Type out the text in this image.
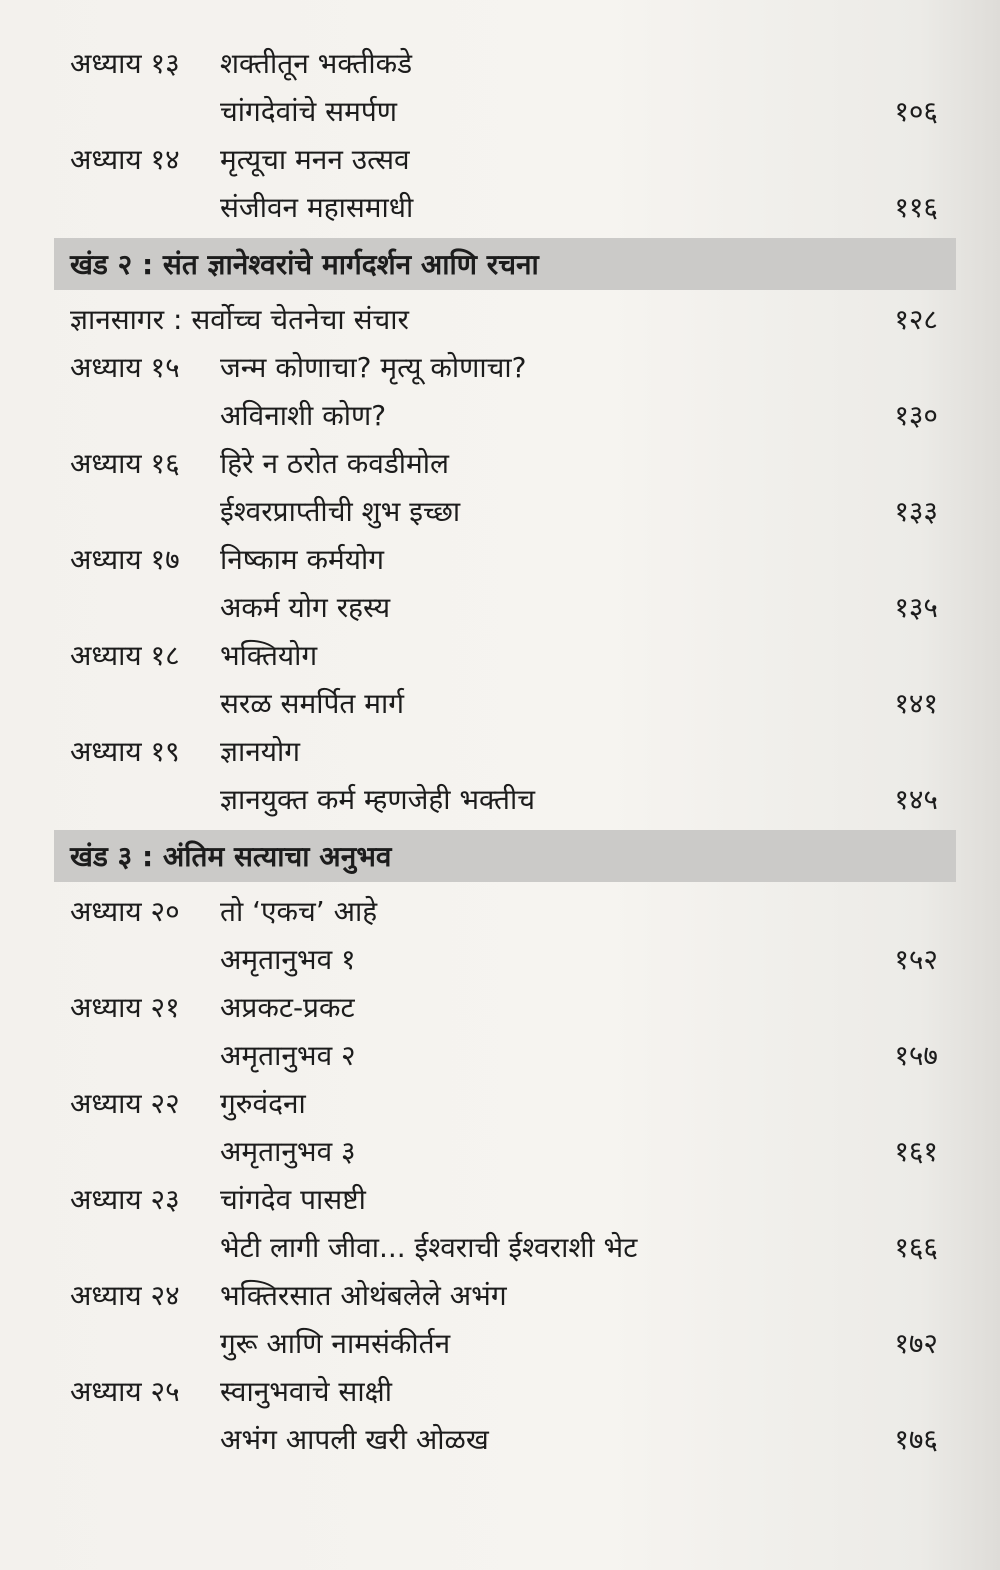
अध्याय १३	शक्तीतून भक्तीकडे
चांगदेवांचे समर्पण	१०६
अध्याय १४	मृत्यूचा मनन उत्सव
संजीवन महासमाधी	११६
खंड २ : संत ज्ञानेश्वरांचे मार्गदर्शन आणि रचना
ज्ञानसागर : सर्वोच्च चेतनेचा संचार	१२८
अध्याय १५	जन्म कोणाचा? मृत्यू कोणाचा?
अविनाशी कोण?	१३०
अध्याय १६	हिरे न ठरोत कवडीमोल
ईश्वरप्राप्तीची शुभ इच्छा	१३३
अध्याय १७	निष्काम कर्मयोग
अकर्म योग रहस्य	१३५
अध्याय १८	भक्तियोग
सरळ समर्पित मार्ग	१४१
अध्याय १९	ज्ञानयोग
ज्ञानयुक्त कर्म म्हणजेही भक्तीच	१४५
खंड ३ : अंतिम सत्याचा अनुभव
अध्याय २०	तो ‘एकच’ आहे
अमृतानुभव १	१५२
अध्याय २१	अप्रकट-प्रकट
अमृतानुभव २	१५७
अध्याय २२	गुरुवंदना
अमृतानुभव ३	१६१
अध्याय २३	चांगदेव पासष्टी
भेटी लागी जीवा... ईश्वराची ईश्वराशी भेट	१६६
अध्याय २४	भक्तिरसात ओथंबलेले अभंग
गुरू आणि नामसंकीर्तन	१७२
अध्याय २५	स्वानुभवाचे साक्षी
अभंग आपली खरी ओळख	१७६
